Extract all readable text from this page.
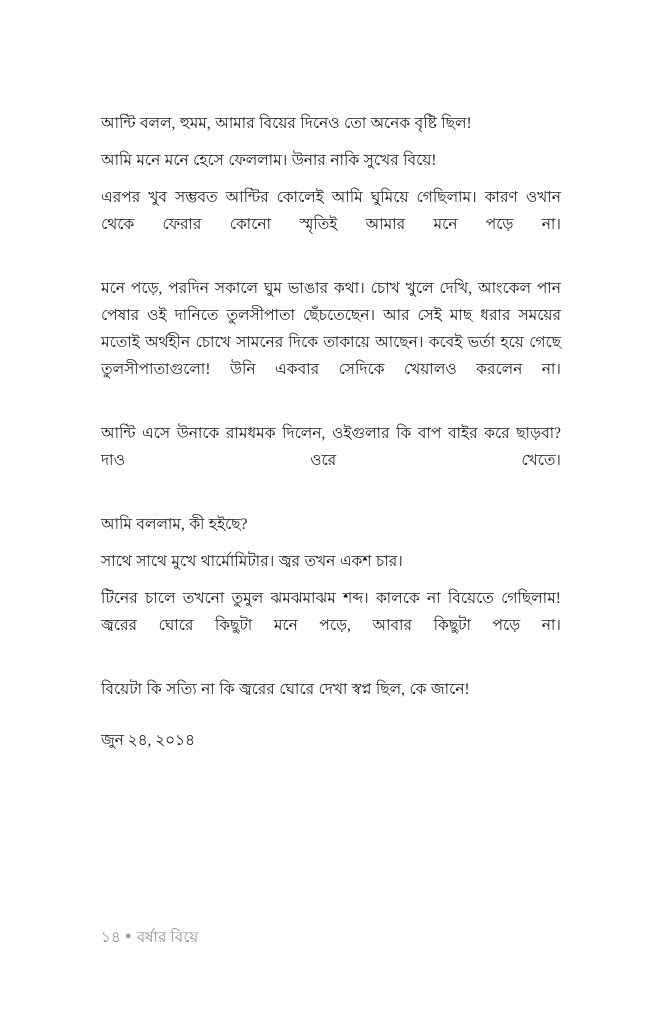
আন্টি বলল, হুমম, আমার বিয়ের দিনেও তো অনেক বৃষ্টি ছিল!

আমি মনে মনে হেসে ফেললাম। উনার নাকি সুখের বিয়ে!

এরপর খুব সম্ভবত আন্টির কোলেই আমি ঘুমিয়ে গেছিলাম। কারণ ওখান থেকে ফেরার কোনো স্মৃতিই আমার মনে পড়ে না।

মনে পড়ে, পরদিন সকালে ঘুম ভাঙার কথা। চোখ খুলে দেখি, আংকেল পান পেষার ওই দানিতে তুলসীপাতা ছেঁচতেছেন। আর সেই মাছ ধরার সময়ের মতোই অর্থহীন চোখে সামনের দিকে তাকায়ে আছেন। কবেই ভর্তা হয়ে গেছে তুলসীপাতাগুলো! উনি একবার সেদিকে খেয়ালও করলেন না।

আন্টি এসে উনাকে রামধমক দিলেন, ওইগুলার কি বাপ বাইর করে ছাড়বা? দাও ওরে খেতে।

আমি বললাম, কী হইছে?

সাথে সাথে মুখে থার্মোমিটার। জ্বর তখন একশ চার।

টিনের চালে তখনো তুমুল ঝমঝমাঝম শব্দ। কালকে না বিয়েতে গেছিলাম! জ্বরের ঘোরে কিছুটা মনে পড়ে, আবার কিছুটা পড়ে না।

বিয়েটা কি সত্যি না কি জ্বরের ঘোরে দেখা স্বপ্ন ছিল, কে জানে!

জুন ২৪, ২০১৪

১৪ ● বর্ষার বিয়ে
